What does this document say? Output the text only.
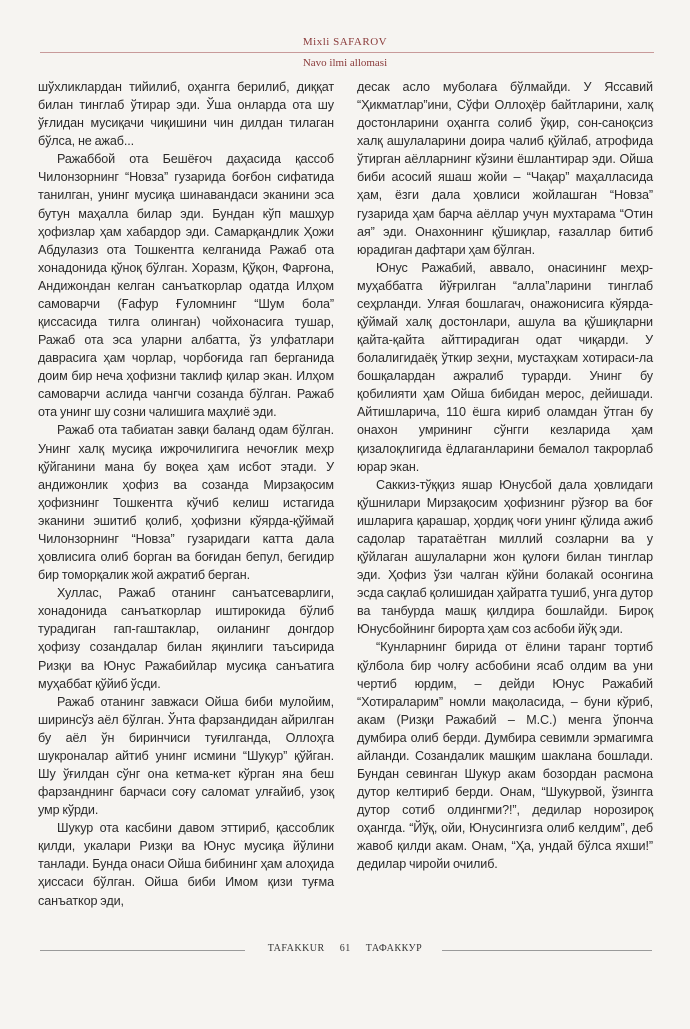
Mixli SAFAROV
Navo ilmi allomasi

шўхликлардан тийилиб, оҳангга берилиб, диққат билан тинглаб ўтирар эди. Ўша онларда ота шу ўғлидан мусиқачи чиқишини чин дилдан тилаган бўлса, не ажаб...

Ражаббой ота Бешёғоч даҳасида қассоб Чилонзорнинг “Новза” гузарида боғбон сифатида танилган, унинг мусиқа шинавандаси эканини эса бутун маҳалла билар эди. Бундан кўп машҳур ҳофизлар ҳам хабардор эди. Самарқандлик Ҳожи Абдулазиз ота Тошкентга келганида Ражаб ота хонадонида қўноқ бўлган. Хоразм, Қўқон, Фарғона, Андижондан келган санъаткорлар одатда Илҳом самоварчи (Ғафур Ғуломнинг “Шум бола” қиссасида тилга олинган) чойхонасига тушар, Ражаб ота эса уларни албатта, ўз улфатлари даврасига ҳам чорлар, чорбоғида гап берганида доим бир неча ҳофизни таклиф қилар экан. Илҳом самоварчи аслида чангчи созанда бўлган. Ражаб ота унинг шу созни чалишига маҳлиё эди.

Ражаб ота табиатан завқи баланд одам бўлган. Унинг халқ мусиқа ижрочилигига нечоғлик меҳр қўйганини мана бу воқеа ҳам исбот этади. У андижонлик ҳофиз ва созанда Мирзақосим ҳофизнинг Тошкентга кўчиб келиш истагида эканини эшитиб қолиб, ҳофизни кўярда-қўймай Чилонзорнинг “Новза” гузаридаги катта дала ҳовлисига олиб борган ва боғидан бепул, бегидир бир томорқалик жой ажратиб берган.

Хуллас, Ражаб отанинг санъатсеварлиги, хонадонида санъаткорлар иштирокида бўлиб турадиган гап-гаштаклар, оиланинг донгдор ҳофизу созандалар билан яқинлиги таъсирида Ризқи ва Юнус Ражабийлар мусиқа санъатига муҳаббат қўйиб ўсди.

Ражаб отанинг завжаси Ойша биби мулойим, ширинсўз аёл бўлган. Ўнта фарзандидан айрилган бу аёл ўн биринчиси туғилганда, Оллоҳга шукроналар айтиб унинг исмини “Шукур” қўйган. Шу ўғилдан сўнг она кетма-кет кўрган яна беш фарзанднинг барчаси соғу саломат улғайиб, узоқ умр кўрди.

Шукур ота касбини давом эттириб, қассоблик қилди, укалари Ризқи ва Юнус мусиқа йўлини танлади. Бунда онаси Ойша бибининг ҳам алоҳида ҳиссаси бўлган. Ойша биби Имом қизи туғма санъаткор эди,

десак асло муболаға бўлмайди. У Яссавий “Ҳикматлар”ини, Сўфи Оллоҳёр байтларини, халқ достонларини оҳангга солиб ўқир, сон-саноқсиз халқ ашулаларини доира чалиб қўйлаб, атрофида ўтирган аёлларнинг кўзини ёшлантирар эди. Ойша биби асосий яшаш жойи – “Чақар” маҳалласида ҳам, ёзги дала ҳовлиси жойлашган “Новза” гузарида ҳам барча аёллар учун мухтарама “Отин ая” эди. Онахоннинг қўшиқлар, ғазаллар битиб юрадиган дафтари ҳам бўлган.

Юнус Ражабий, аввало, онасининг меҳр-муҳаббатга йўғрилган “алла”ларини тинглаб сеҳрланди. Улғая бошлагач, онажонисига кўярда-қўймай халқ достонлари, ашула ва қўшиқларни қайта-қайта айттирадиган одат чиқарди. У болалигидаёқ ўткир зеҳни, мустаҳкам хотираси-ла бошқалардан ажралиб турарди. Унинг бу қобилияти ҳам Ойша бибидан мерос, дейишади. Айтишларича, 110 ёшга кириб оламдан ўтган бу онахон умрининг сўнгги кезларида ҳам қизалоқлигида ёдлаганларини бемалол такрорлаб юрар экан.

Саккиз-тўққиз яшар Юнусбой дала ҳовлидаги қўшнилари Мирзақосим ҳофизнинг рўзғор ва боғ ишларига қарашар, ҳордиқ чоғи унинг қўлида ажиб садолар таратаётган миллий созларни ва у қўйлаган ашулаларни жон қулоғи билан тинглар эди. Ҳофиз ўзи чалган кўйни болакай осонгина эсда сақлаб қолишидан ҳайратга тушиб, унга дутор ва танбурда машқ қилдира бошлайди. Бироқ Юнусбойнинг бирорта ҳам соз асбоби йўқ эди.

“Кунларнинг бирида от ёлини таранг тортиб қўлбола бир чолғу асбобини ясаб олдим ва уни чертиб юрдим, – дейди Юнус Ражабий “Хотираларим” номли мақоласида, – буни кўриб, акам (Ризқи Ражабий – М.С.) менга ўпонча думбира олиб берди. Думбира севимли эрмагимга айланди. Созандалик машқим шаклана бошлади. Бундан севинган Шукур акам бозордан расмона дутор келтириб берди. Онам, “Шукурвой, ўзингга дутор сотиб олдингми?!”, дедилар норозироқ оҳангда. “Йўқ, ойи, Юнусингизга олиб келдим”, деб жавоб қилди акам. Онам, “Ҳа, ундай бўлса яхши!” дедилар чиройи очилиб.

TAFAKKUR 61 ТАФАККУР
